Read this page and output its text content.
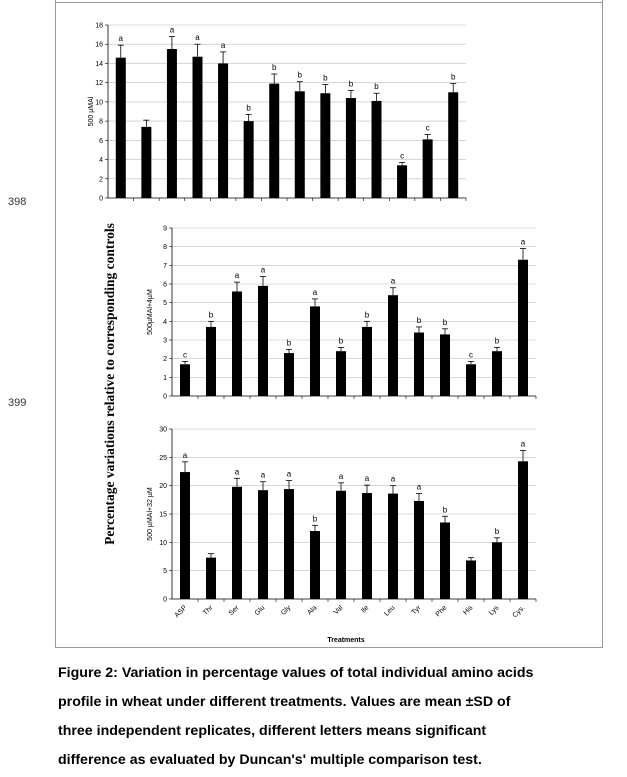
398
399	Percentage variations relative to corresponding controls
0
2
4
6
8
10
12
14
16
18
500 µMAl
a
a
a
a
b
b
b	b
b	b
c
c
b
0
1
2
3
4
5
6
7
8
9
500µMAl+4µM
c
b
a
a
b
a
b
b
a
b	b
c
b
a
0
5
10
15
20
25
30
500 µMAl+32 µM
a
ASP Thr
a
Ser
a
Glu
a
Gly
b
Ala
a
Val
a
Ile
a
Leu
a
Tyr
b
Phe His
b
Lys
a
Cys.
Treatments
Figure 2: Variation in percentage values of total individual amino acids
profile in wheat under different treatments. Values are mean ±SD of
three independent replicates, different letters means significant
difference as evaluated by Duncan's' multiple comparison test.
